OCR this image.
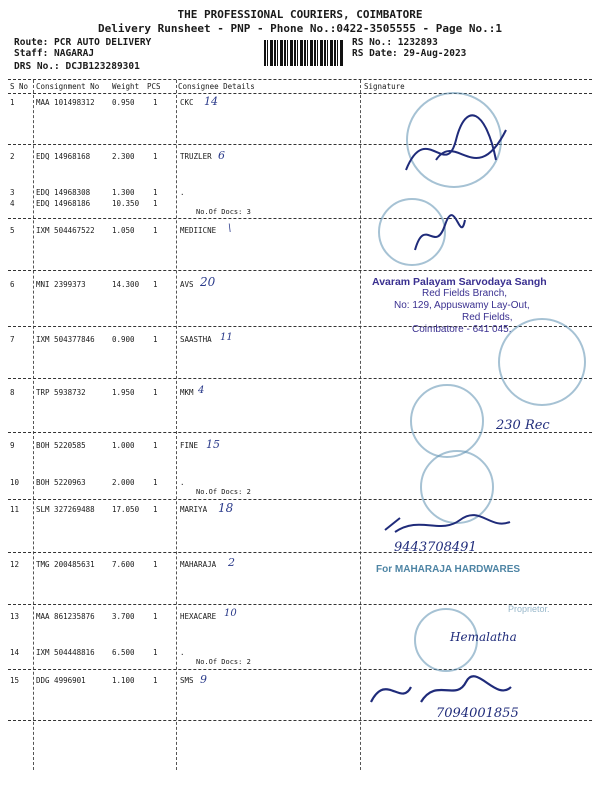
THE PROFESSIONAL COURIERS, COIMBATORE
Delivery Runsheet - PNP - Phone No.:0422-3505555 - Page No.:1
Route: PCR AUTO DELIVERY
Staff: NAGARAJ
DRS No.: DCJB123289301
RS No.: 1232893
RS Date: 29-Aug-2023
S No Consignment No Weight PCS Consignee Details	Signature
1	MAA 101498312 0.950 1	CKC 14
2	EDQ 14968168	2.300 1	TRUZLER 6
3	EDQ 14968308	1.300 1	.
4	EDQ 14968186	10.350 1
No.Of Docs: 3
5	IXM 504467522 1.050 1	MEDIICNE \
6	MNI 2399373	14.300 1	AVS 20
7	IXM 504377846 0.900 1	SAASTHA 11
8	TRP 5938732	1.950 1	MKM 4
9	BOH 5220585	1.000 1	FINE 15
10 BOH 5220963	2.000 1	.
No.Of Docs: 2
11 SLM 327269488 17.050 1	MARIYA 18
12 TMG 200485631 7.600 1	MAHARAJA 2
13 MAA 861235876 3.700 1	HEXACARE 10
14 IXM 504448816 6.500 1	.
No.Of Docs: 2
15 DDG 4996901	1.100 1	SMS 9
Avaram Palayam Sarvodaya Sangh
Red Fields Branch,
No: 129, Appuswamy Lay-Out,
Red Fields,
Coimbatore - 641 045.
230 Rec
9443708491
For MAHARAJA HARDWARES
Proprietor.
Hemalatha
7094001855
